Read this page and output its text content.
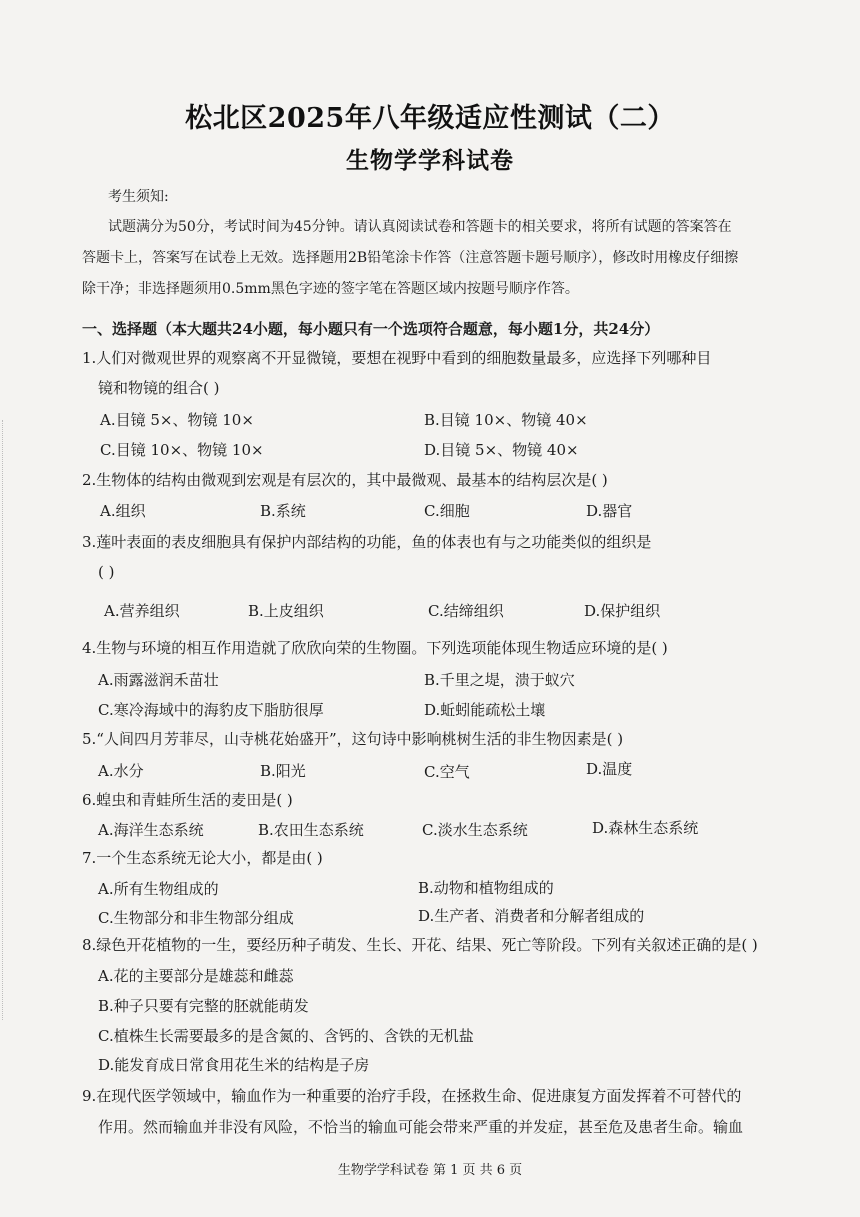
松北区2025年八年级适应性测试（二）
生物学学科试卷
考生须知:
试题满分为50分，考试时间为45分钟。请认真阅读试卷和答题卡的相关要求，将所有试题的答案答在
答题卡上，答案写在试卷上无效。选择题用2B铅笔涂卡作答（注意答题卡题号顺序），修改时用橡皮仔细擦
除干净；非选择题须用0.5mm黑色字迹的签字笔在答题区域内按题号顺序作答。
一、选择题（本大题共24小题，每小题只有一个选项符合题意，每小题1分，共24分）
1.人们对微观世界的观察离不开显微镜，要想在视野中看到的细胞数量最多，应选择下列哪种目
镜和物镜的组合( )
A.目镜 5×、物镜 10×	B.目镜 10×、物镜 40×
C.目镜 10×、物镜 10×	D.目镜 5×、物镜 40×
2.生物体的结构由微观到宏观是有层次的，其中最微观、最基本的结构层次是( )
A.组织	B.系统	C.细胞	D.器官
3.莲叶表面的表皮细胞具有保护内部结构的功能，鱼的体表也有与之功能类似的组织是
( )
A.营养组织	B.上皮组织	C.结缔组织	D.保护组织
4.生物与环境的相互作用造就了欣欣向荣的生物圈。下列选项能体现生物适应环境的是( )
A.雨露滋润禾苗壮	B.千里之堤，溃于蚁穴
C.寒冷海域中的海豹皮下脂肪很厚	D.蚯蚓能疏松土壤
5.“人间四月芳菲尽，山寺桃花始盛开”，这句诗中影响桃树生活的非生物因素是( )
A.水分	B.阳光	C.空气	D.温度
6.蝗虫和青蛙所生活的麦田是( )
A.海洋生态系统	B.农田生态系统	C.淡水生态系统	D.森林生态系统
7.一个生态系统无论大小，都是由( )
A.所有生物组成的	B.动物和植物组成的
C.生物部分和非生物部分组成	D.生产者、消费者和分解者组成的
8.绿色开花植物的一生，要经历种子萌发、生长、开花、结果、死亡等阶段。下列有关叙述正确的是( )
A.花的主要部分是雄蕊和雌蕊
B.种子只要有完整的胚就能萌发
C.植株生长需要最多的是含氮的、含钙的、含铁的无机盐
D.能发育成日常食用花生米的结构是子房
9.在现代医学领域中，输血作为一种重要的治疗手段，在拯救生命、促进康复方面发挥着不可替代的
作用。然而输血并非没有风险，不恰当的输血可能会带来严重的并发症，甚至危及患者生命。输血
生物学学科试卷 第 1 页 共 6 页
